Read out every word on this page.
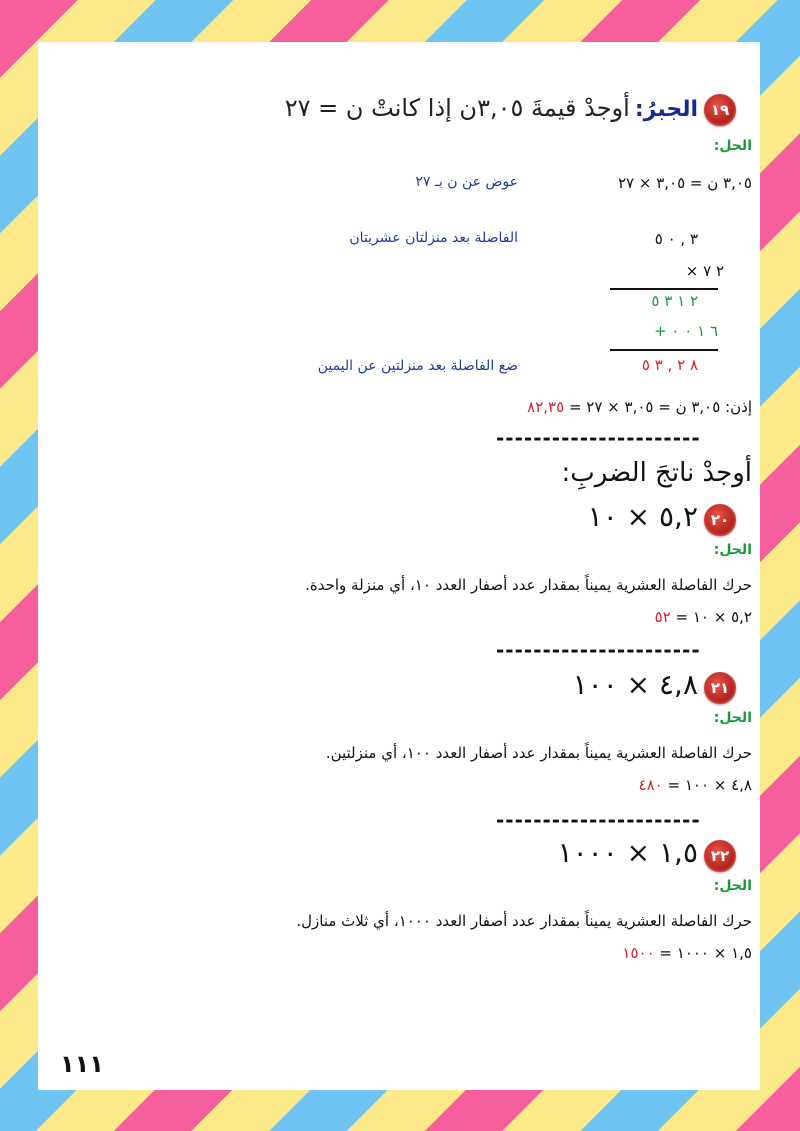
١٩
الجبرُ: أوجدْ قيمةَ ٣,٠٥ن إذا كانتْ ن = ٢٧
الحل:
٣,٠٥ ن = ٣,٠٥ × ٢٧
عوض عن ن بـ ٢٧
٣ , ٠ ٥
الفاصلة بعد منزلتان عشريتان
٢ ٧ ×
٢ ١ ٣ ٥
٦ ١ ٠ ٠ +
٨ ٢ , ٣ ٥
ضع الفاصلة بعد منزلتين عن اليمين
إذن: ٣,٠٥ ن = ٣,٠٥ × ٢٧ = ٨٢,٣٥
----------------------
أوجدْ ناتجَ الضربِ:
٢٠
٥,٢ × ١٠
الحل:
حرك الفاصلة العشرية يميناً بمقدار عدد أصفار العدد ١٠، أي منزلة واحدة.
٥,٢ × ١٠ = ٥٢
----------------------
٢١
٤,٨ × ١٠٠
الحل:
حرك الفاصلة العشرية يميناً بمقدار عدد أصفار العدد ١٠٠، أي منزلتين.
٤,٨ × ١٠٠ = ٤٨٠
----------------------
٢٢
١,٥ × ١٠٠٠
الحل:
حرك الفاصلة العشرية يميناً بمقدار عدد أصفار العدد ١٠٠٠، أي ثلاث منازل.
١,٥ × ١٠٠٠ = ١٥٠٠
١١١
